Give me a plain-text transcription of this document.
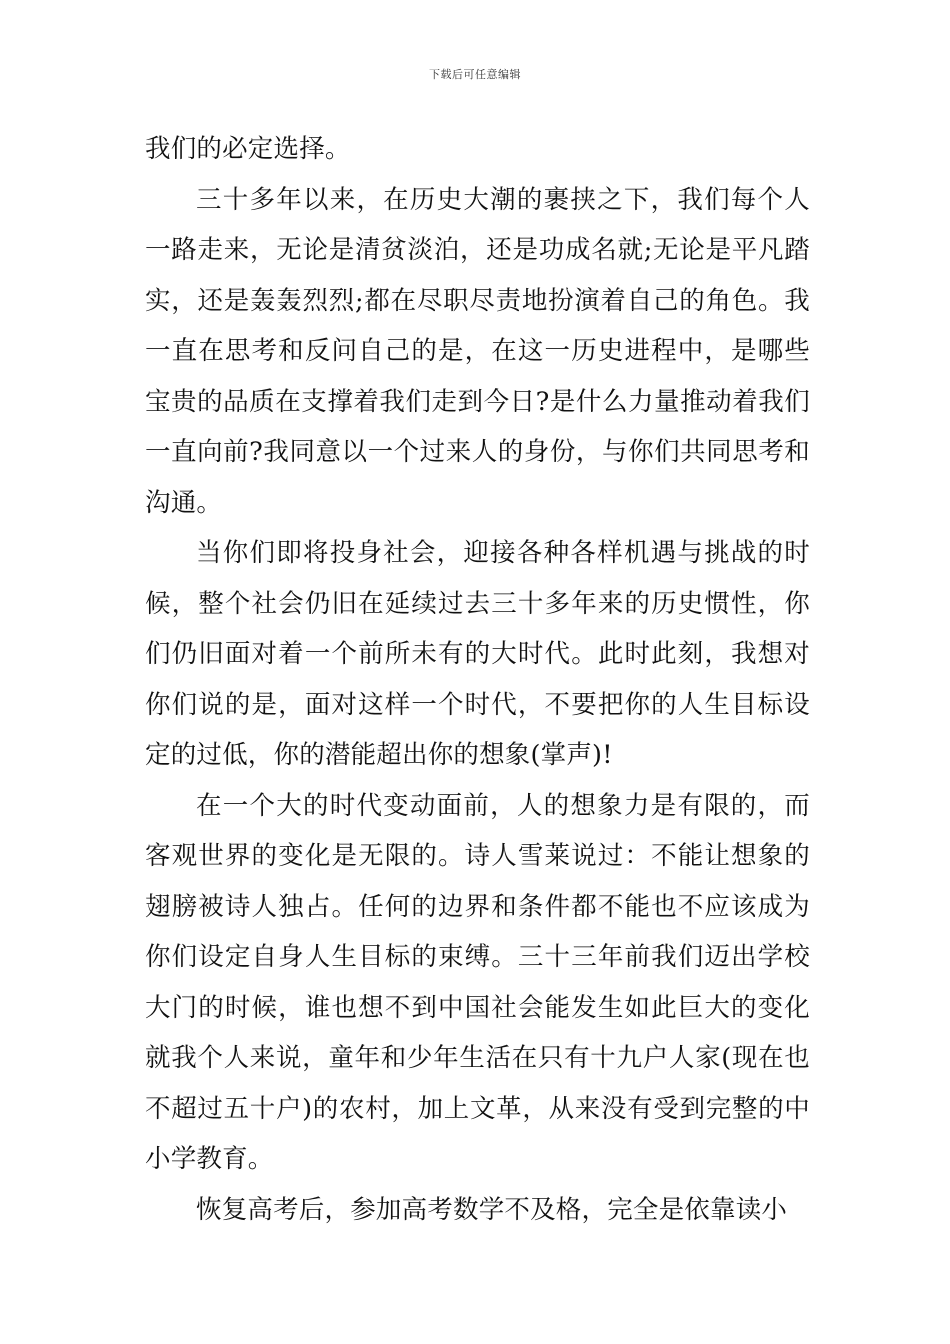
下载后可任意编辑

我们的必定选择。

三十多年以来，在历史大潮的裹挟之下，我们每个人一路走来，无论是清贫淡泊，还是功成名就;无论是平凡踏实，还是轰轰烈烈;都在尽职尽责地扮演着自己的角色。我一直在思考和反问自己的是，在这一历史进程中，是哪些宝贵的品质在支撑着我们走到今日?是什么力量推动着我们一直向前?我同意以一个过来人的身份，与你们共同思考和沟通。

当你们即将投身社会，迎接各种各样机遇与挑战的时候，整个社会仍旧在延续过去三十多年来的历史惯性，你们仍旧面对着一个前所未有的大时代。此时此刻，我想对你们说的是，面对这样一个时代，不要把你的人生目标设定的过低，你的潜能超出你的想象(掌声)!

在一个大的时代变动面前，人的想象力是有限的，而客观世界的变化是无限的。诗人雪莱说过：不能让想象的翅膀被诗人独占。任何的边界和条件都不能也不应该成为你们设定自身人生目标的束缚。三十三年前我们迈出学校大门的时候，谁也想不到中国社会能发生如此巨大的变化就我个人来说，童年和少年生活在只有十九户人家(现在也不超过五十户)的农村，加上文革，从来没有受到完整的中小学教育。

恢复高考后，参加高考数学不及格，完全是依靠读小
